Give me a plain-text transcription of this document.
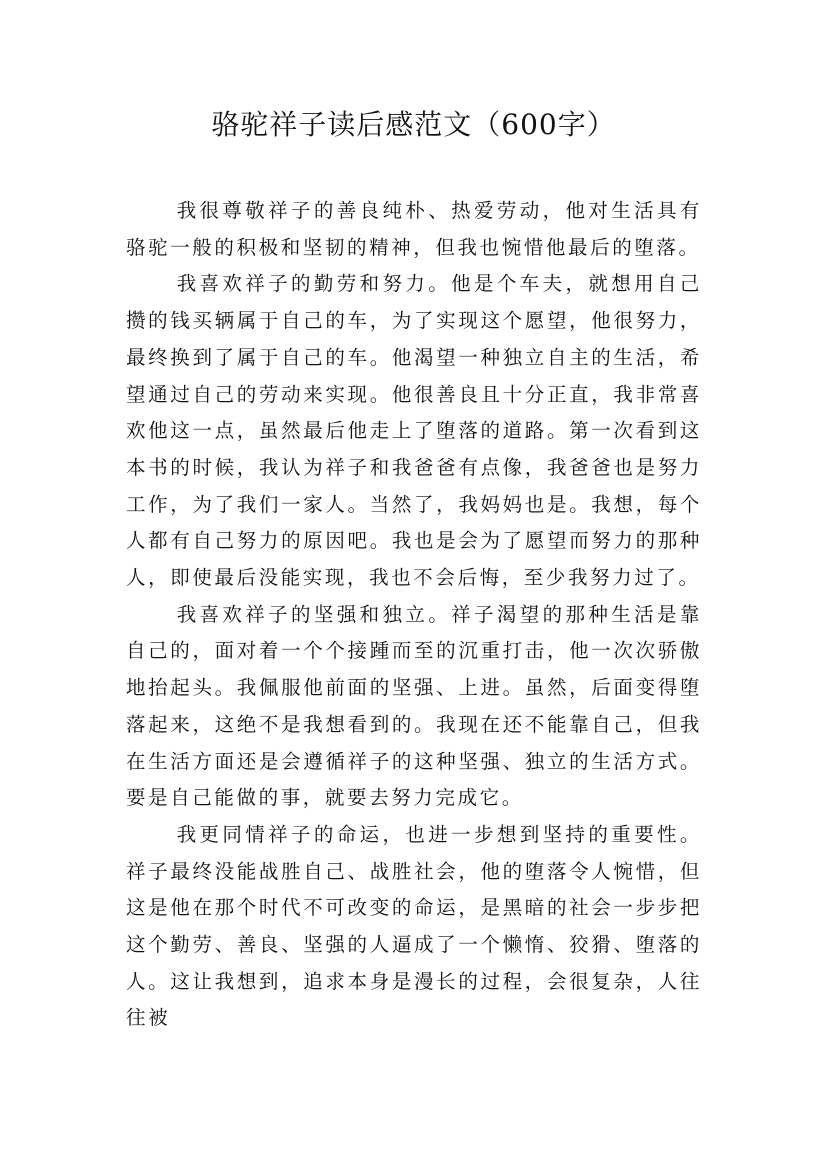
骆驼祥子读后感范文（600字）

我很尊敬祥子的善良纯朴、热爱劳动，他对生活具有骆驼一般的积极和坚韧的精神，但我也惋惜他最后的堕落。

我喜欢祥子的勤劳和努力。他是个车夫，就想用自己攒的钱买辆属于自己的车，为了实现这个愿望，他很努力，最终换到了属于自己的车。他渴望一种独立自主的生活，希望通过自己的劳动来实现。他很善良且十分正直，我非常喜欢他这一点，虽然最后他走上了堕落的道路。第一次看到这本书的时候，我认为祥子和我爸爸有点像，我爸爸也是努力工作，为了我们一家人。当然了，我妈妈也是。我想，每个人都有自己努力的原因吧。我也是会为了愿望而努力的那种人，即使最后没能实现，我也不会后悔，至少我努力过了。

我喜欢祥子的坚强和独立。祥子渴望的那种生活是靠自己的，面对着一个个接踵而至的沉重打击，他一次次骄傲地抬起头。我佩服他前面的坚强、上进。虽然，后面变得堕落起来，这绝不是我想看到的。我现在还不能靠自己，但我在生活方面还是会遵循祥子的这种坚强、独立的生活方式。要是自己能做的事，就要去努力完成它。

我更同情祥子的命运，也进一步想到坚持的重要性。祥子最终没能战胜自己、战胜社会，他的堕落令人惋惜，但这是他在那个时代不可改变的命运，是黑暗的社会一步步把这个勤劳、善良、坚强的人逼成了一个懒惰、狡猾、堕落的人。这让我想到，追求本身是漫长的过程，会很复杂，人往往被
